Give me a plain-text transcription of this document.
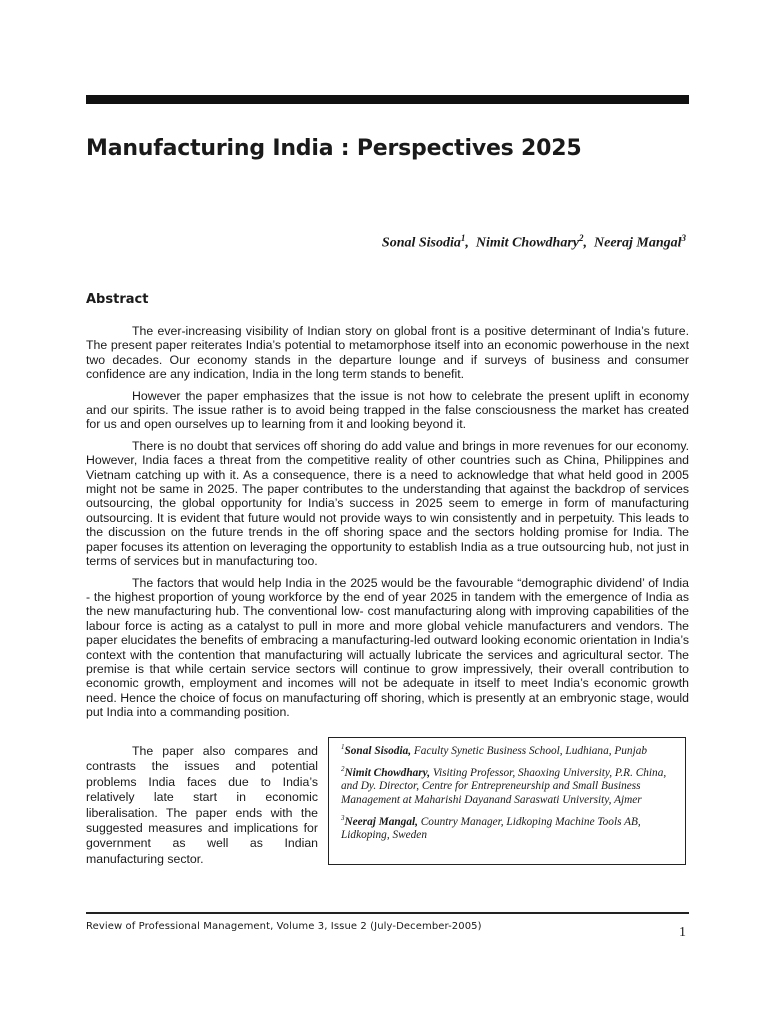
Manufacturing India : Perspectives 2025
Sonal Sisodia$^1$,  Nimit Chowdhary$^2$,  Neeraj Mangal$^3$
Abstract

The ever-increasing visibility of Indian story on global front is a positive determinant of India’s future. The present paper reiterates India’s potential to metamorphose itself into an economic powerhouse in the next two decades. Our economy stands in the departure lounge and if surveys of business and consumer confidence are any indication, India in the long term stands to benefit.

However the paper emphasizes that the issue is not how to celebrate the present uplift in economy and our spirits. The issue rather is to avoid being trapped in the false consciousness the market has created for us and open ourselves up to learning from it and looking beyond it.

There is no doubt that services off shoring do add value and brings in more revenues for our economy. However, India faces a threat from the competitive reality of other countries such as China, Philippines and Vietnam catching up with it. As a consequence, there is a need to acknowledge that what held good in 2005 might not be same in 2025. The paper contributes to the understanding that against the backdrop of services outsourcing, the global opportunity for India’s success in 2025 seem to emerge in form of manufacturing outsourcing. It is evident that future would not provide ways to win consistently and in perpetuity. This leads to the discussion on the future trends in the off shoring space and the sectors holding promise for India. The paper focuses its attention on leveraging the opportunity to establish India as a true outsourcing hub, not just in terms of services but in manufacturing too.

The factors that would help India in the 2025 would be the favourable “demographic dividend’ of India - the highest proportion of young workforce by the end of year 2025 in tandem with the emergence of India as the new manufacturing hub. The conventional low- cost manufacturing along with improving capabilities of the labour force is acting as a catalyst to pull in more and more global vehicle manufacturers and vendors. The paper elucidates the benefits of embracing a manufacturing-led outward looking economic orientation in India’s context with the contention that manufacturing will actually lubricate the services and agricultural sector. The premise is that while certain service sectors will continue to grow impressively, their overall contribution to economic growth, employment and incomes will not be adequate in itself to meet India’s economic growth need. Hence the choice of focus on manufacturing off shoring, which is presently at an embryonic stage, would put India into a commanding position.

The paper also compares and contrasts the issues and potential problems India faces due to India’s relatively late start in economic liberalisation. The paper ends with the suggested measures and implications for government as well as Indian manufacturing sector.

$^1$Sonal Sisodia, Faculty Synetic Business School, Ludhiana, Punjab

$^2$Nimit Chowdhary, Visiting Professor, Shaoxing University, P.R. China, and Dy. Director, Centre for Entrepreneurship and Small Business Management at Maharishi Dayanand Saraswati University, Ajmer

$^3$Neeraj Mangal, Country Manager, Lidkoping Machine Tools AB, Lidkoping, Sweden

Review of Professional Management, Volume 3, Issue 2 (July-December-2005)	1
